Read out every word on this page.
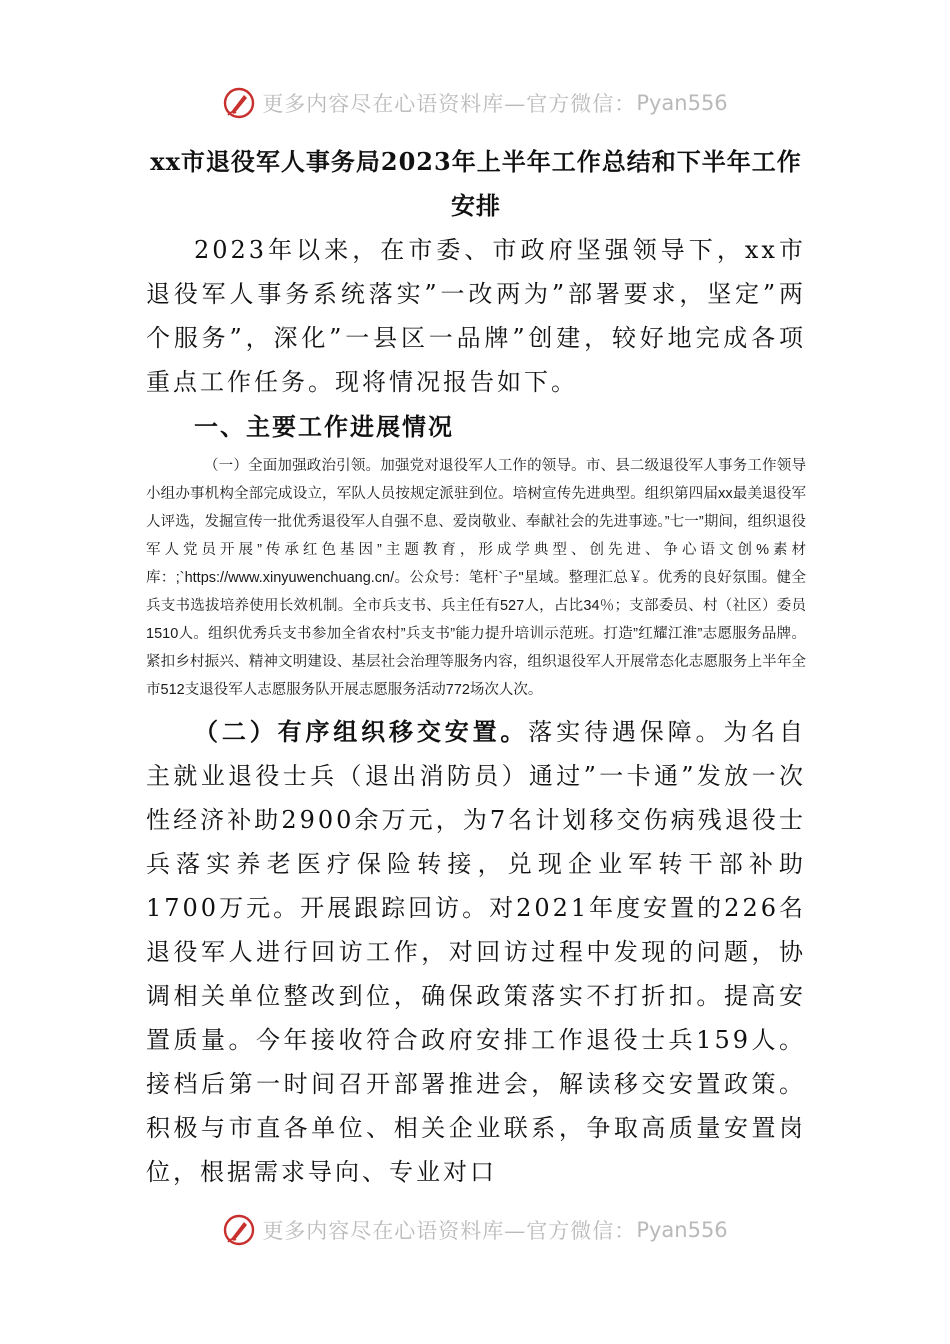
更多内容尽在心语资料库—官方微信： Pyan556
xx市退役军人事务局2023年上半年工作总结和下半年工作安排

2023年以来，在市委、市政府坚强领导下，xx市退役军人事务系统落实”一改两为”部署要求，坚定”两个服务”，深化”一县区一品牌”创建，较好地完成各项重点工作任务。现将情况报告如下。

一、主要工作进展情况

（一）全面加强政治引领。加强党对退役军人工作的领导。市、县二级退役军人事务工作领导小组办事机构全部完成设立，军队人员按规定派驻到位。培树宣传先进典型。组织第四届xx最美退役军人评选，发掘宣传一批优秀退役军人自强不息、爱岗敬业、奉献社会的先进事迹。”七一”期间，组织退役军人党员开展”传承红色基因”主题教育，形成学典型、创先进、争心语文创%素材库：;`https://www.xinyuwenchuang.cn/。公众号：笔杆`子"星域。整理汇总￥。优秀的良好氛围。健全兵支书选拔培养使用长效机制。全市兵支书、兵主任有527人，占比34％；支部委员、村（社区）委员1510人。组织优秀兵支书参加全省农村”兵支书”能力提升培训示范班。打造”红耀江淮”志愿服务品牌。紧扣乡村振兴、精神文明建设、基层社会治理等服务内容，组织退役军人开展常态化志愿服务上半年全市512支退役军人志愿服务队开展志愿服务活动772场次人次。

（二）有序组织移交安置。落实待遇保障。为名自主就业退役士兵（退出消防员）通过”一卡通”发放一次性经济补助2900余万元，为7名计划移交伤病残退役士兵落实养老医疗保险转接，兑现企业军转干部补助1700万元。开展跟踪回访。对2021年度安置的226名退役军人进行回访工作，对回访过程中发现的问题，协调相关单位整改到位，确保政策落实不打折扣。提高安置质量。今年接收符合政府安排工作退役士兵159人。接档后第一时间召开部署推进会，解读移交安置政策。积极与市直各单位、相关企业联系，争取高质量安置岗位，根据需求导向、专业对口

更多内容尽在心语资料库—官方微信： Pyan556
